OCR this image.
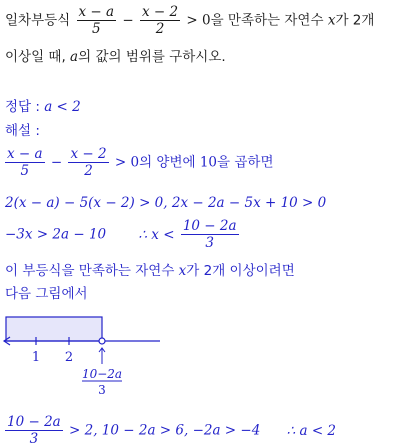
일차부등식 $\frac{x - a}{5} - \frac{x - 2}{2} > 0$을 만족하는 자연수 x가 2개
이상일 때, a의 값의 범위를 구하시오.
정답 : a < 2
해설 :
$\frac{x - a}{5} - \frac{x - 2}{2} > 0$의 양변에 10을 곱하면
2(x − a) − 5(x − 2) > 0, 2x − 2a − 5x + 10 > 0
−3x > 2a − 10 ∴ $x < \frac{10 - 2a}{3}$
이 부등식을 만족하는 자연수 x가 2개 이상이려면
다음 그림에서
1 2
10−2a
3
$\frac{10 - 2a}{3} > 2$, 10 − 2a > 6, −2a > −4 ∴ a < 2
